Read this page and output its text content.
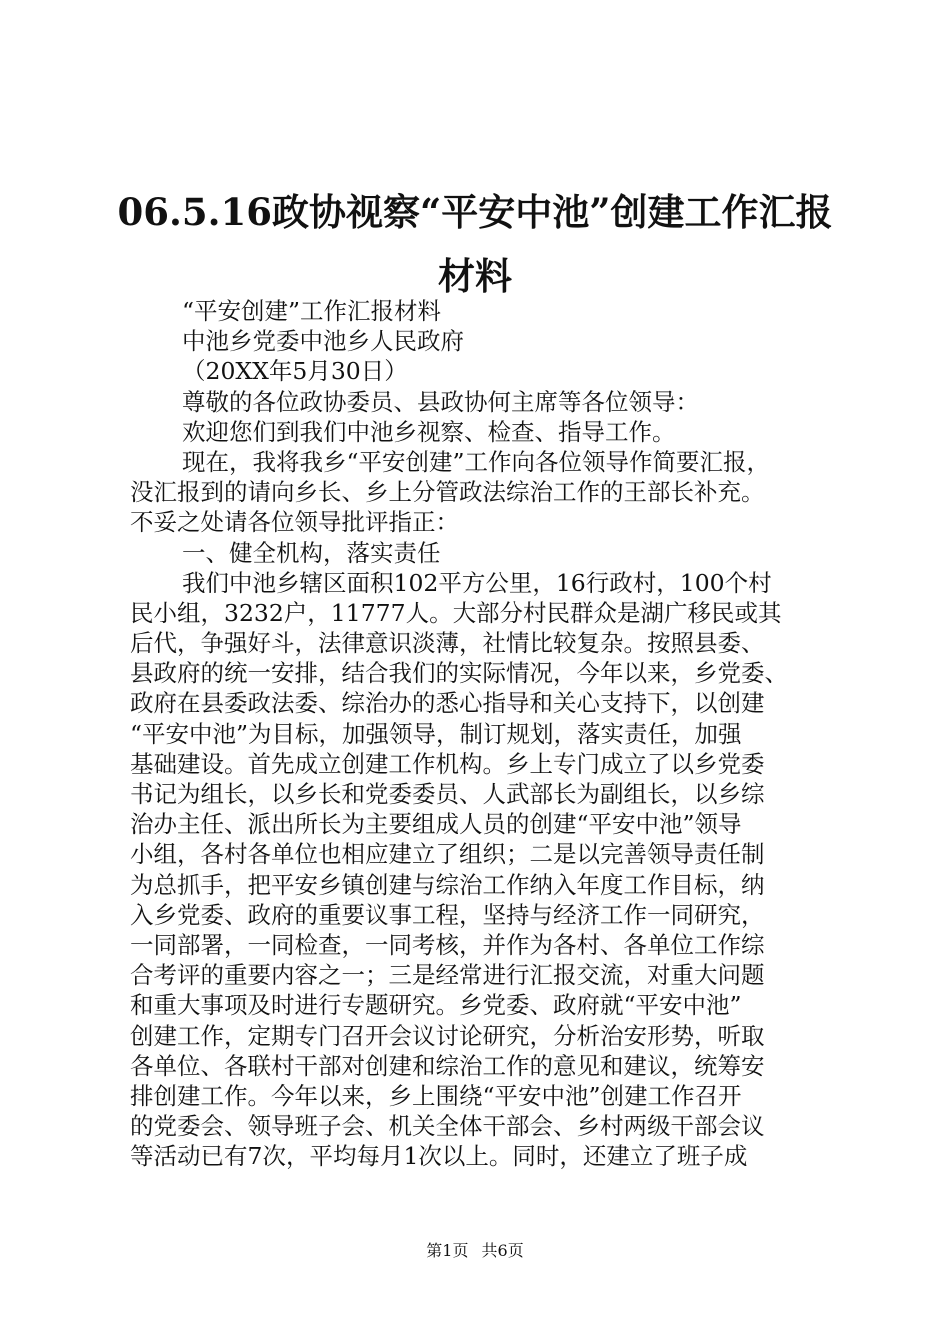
06.5.16政协视察“平安中池”创建工作汇报
材料
“平安创建”工作汇报材料
中池乡党委中池乡人民政府
（20XX年5月30日）
尊敬的各位政协委员、县政协何主席等各位领导：
欢迎您们到我们中池乡视察、检查、指导工作。
现在，我将我乡“平安创建”工作向各位领导作简要汇报，
没汇报到的请向乡长、乡上分管政法综治工作的王部长补充。
不妥之处请各位领导批评指正：
一、健全机构，落实责任
我们中池乡辖区面积102平方公里，16行政村，100个村
民小组，3232户，11777人。大部分村民群众是湖广移民或其
后代，争强好斗，法律意识淡薄，社情比较复杂。按照县委、
县政府的统一安排，结合我们的实际情况，今年以来，乡党委、
政府在县委政法委、综治办的悉心指导和关心支持下，以创建
“平安中池”为目标，加强领导，制订规划，落实责任，加强
基础建设。首先成立创建工作机构。乡上专门成立了以乡党委
书记为组长，以乡长和党委委员、人武部长为副组长，以乡综
治办主任、派出所长为主要组成人员的创建“平安中池”领导
小组，各村各单位也相应建立了组织；二是以完善领导责任制
为总抓手，把平安乡镇创建与综治工作纳入年度工作目标，纳
入乡党委、政府的重要议事工程，坚持与经济工作一同研究，
一同部署，一同检查，一同考核，并作为各村、各单位工作综
合考评的重要内容之一；三是经常进行汇报交流，对重大问题
和重大事项及时进行专题研究。乡党委、政府就“平安中池”
创建工作，定期专门召开会议讨论研究，分析治安形势，听取
各单位、各联村干部对创建和综治工作的意见和建议，统筹安
排创建工作。今年以来，乡上围绕“平安中池”创建工作召开
的党委会、领导班子会、机关全体干部会、乡村两级干部会议
等活动已有7次，平均每月1次以上。同时，还建立了班子成
第1页 共6页
